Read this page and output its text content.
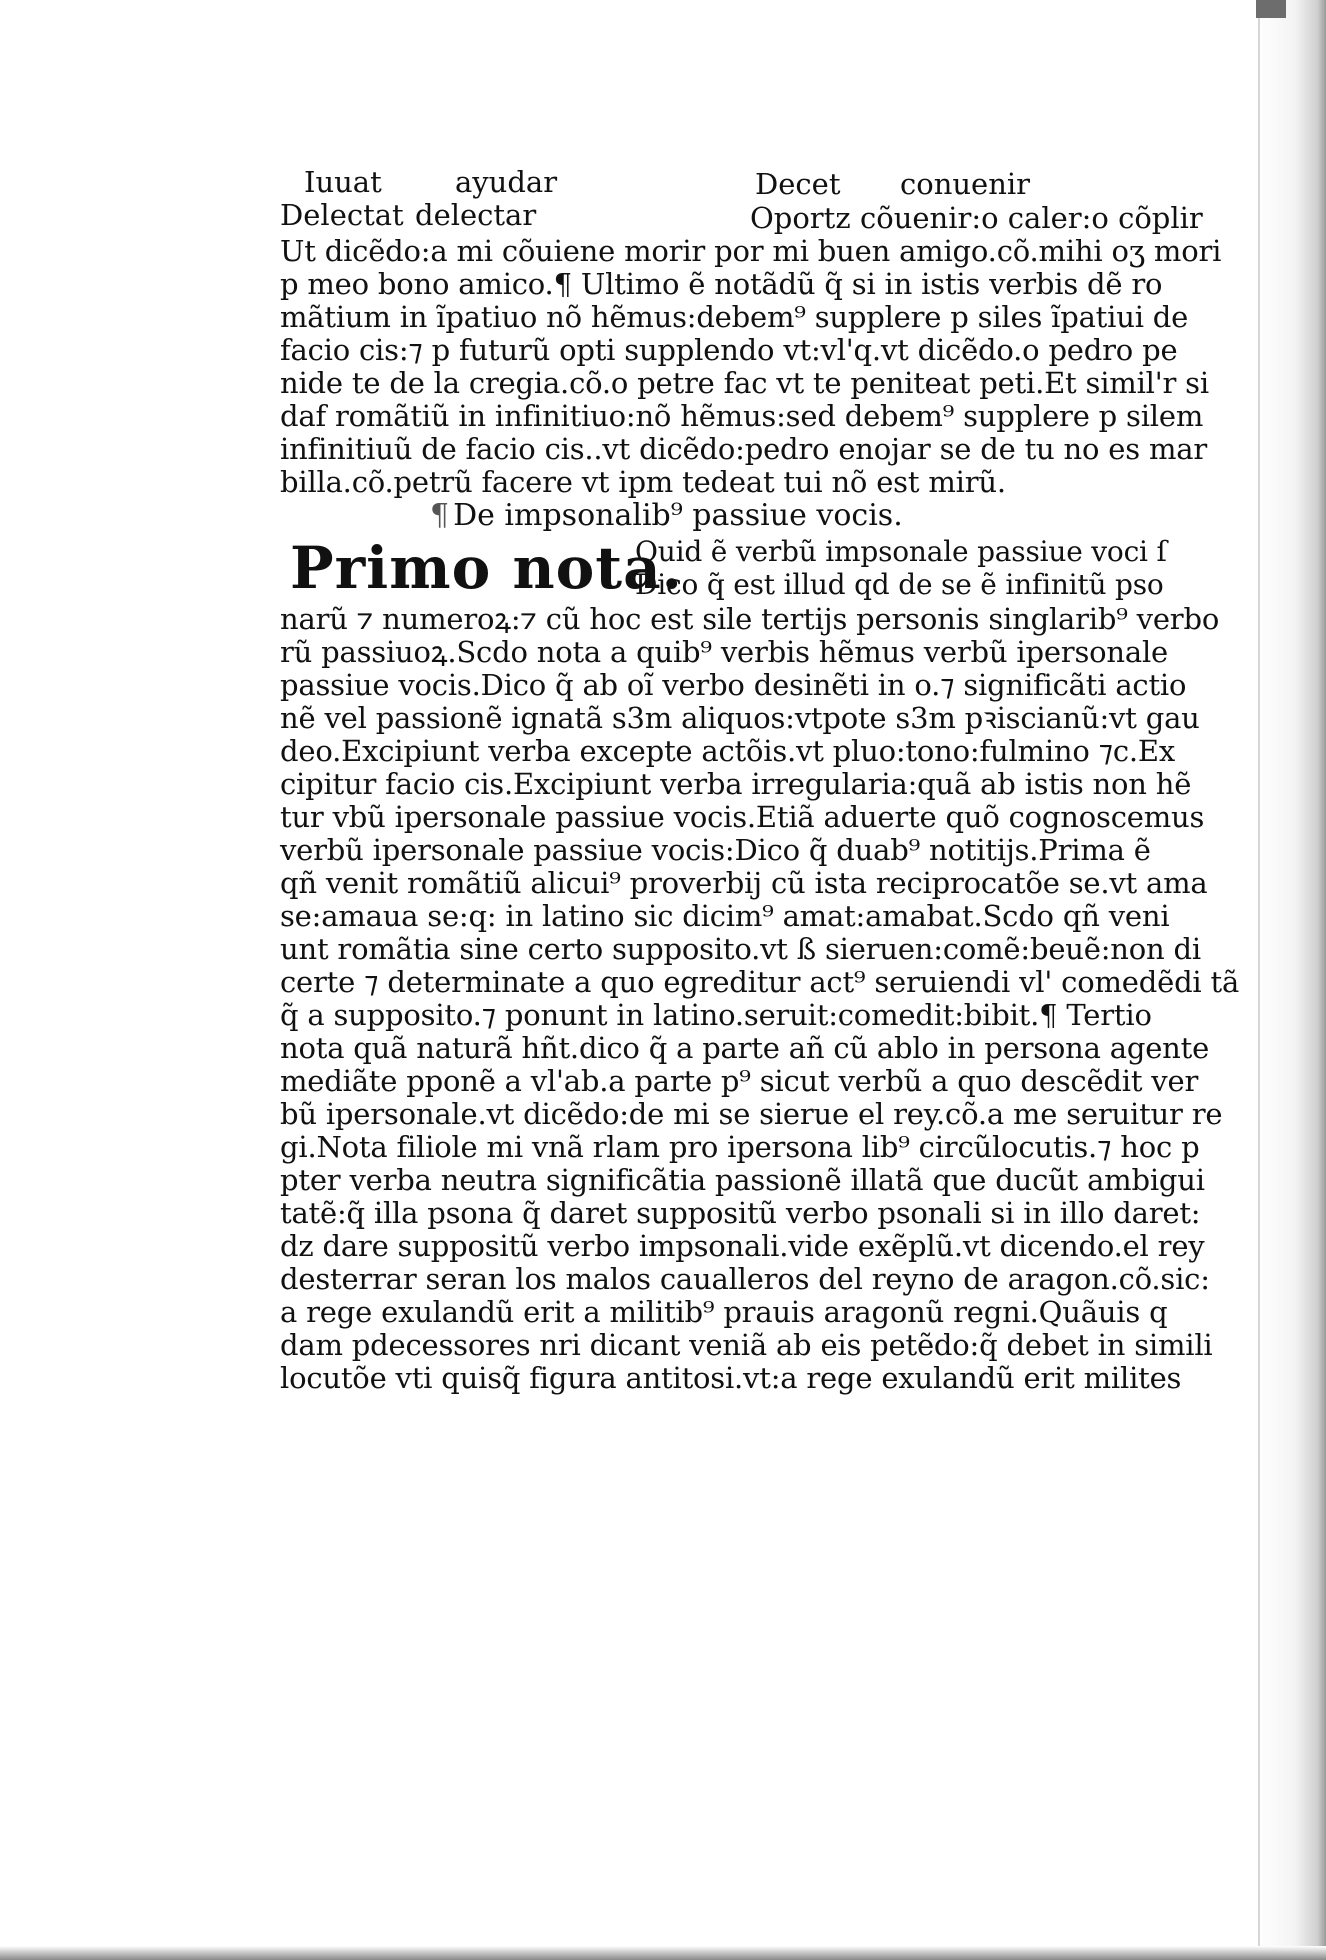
Iuuat	ayudar	Decet conuenir
Delectat delectar	Oportz cõuenir:o caler:o cõplir
Ut dicẽdo:a mi cõuiene morir por mi buen amigo.cõ.mihi oʒ mori
p meo bono amico.¶ Ultimo ẽ notãdũ q̃ si in istis verbis dẽ ro
mãtium in ĩpatiuo nõ hẽmus:debem⁹ supplere p siles ĩpatiui de
facio cis:⁊ p futurũ opti supplendo vt:vl'q.vt dicẽdo.o pedro pe
nide te de la cregia.cõ.o petre fac vt te peniteat peti.Et simil'r si
daf romãtiũ in infinitiuo:nõ hẽmus:sed debem⁹ supplere p silem
infinitiuũ de facio cis..vt dicẽdo:pedro enojar se de tu no es mar
billa.cõ.petrũ facere vt ipm tedeat tui nõ est mirũ.
¶ De impsonalib⁹ passiue vocis.
Primo nota.
Quid ẽ verbũ impsonale passiue voci ſ
Dico q̃ est illud qd de se ẽ infinitũ pso
narũ ⁊ numeroꝝ:⁊ cũ hoc est sile tertijs personis singlarib⁹ verbo
rũ passiuoꝝ.Scdo nota a quib⁹ verbis hẽmus verbũ ipersonale
passiue vocis.Dico q̃ ab oĩ verbo desinẽti in o.⁊ significãti actio
nẽ vel passionẽ ignatã s3m aliquos:vtpote s3m pꝛiscianũ:vt gau
deo.Excipiunt verba excepte actõis.vt pluo:tono:fulmino ⁊c.Ex
cipitur facio cis.Excipiunt verba irregularia:quã ab istis non hẽ
tur vbũ ipersonale passiue vocis.Etiã aduerte quõ cognoscemus
verbũ ipersonale passiue vocis:Dico q̃ duab⁹ notitijs.Prima ẽ
qñ venit romãtiũ alicui⁹ proverbij cũ ista reciprocatõe se.vt ama
se:amaua se:q: in latino sic dicim⁹ amat:amabat.Scdo qñ veni
unt romãtia sine certo supposito.vt ß sieruen:comẽ:beuẽ:non di
certe ⁊ determinate a quo egreditur act⁹ seruiendi vl' comedẽdi tã
q̃ a supposito.⁊ ponunt in latino.seruit:comedit:bibit.¶ Tertio
nota quã naturã hñt.dico q̃ a parte añ cũ ablo in persona agente
mediãte pponẽ a vl'ab.a parte p⁹ sicut verbũ a quo descẽdit ver
bũ ipersonale.vt dicẽdo:de mi se sierue el rey.cõ.a me seruitur re
gi.Nota filiole mi vnã rlam pro ipersona lib⁹ circũlocutis.⁊ hoc p
pter verba neutra significãtia passionẽ illatã que ducũt ambigui
tatẽ:q̃ illa psona q̃ daret suppositũ verbo psonali si in illo daret:
dz dare suppositũ verbo impsonali.vide exẽplũ.vt dicendo.el rey
desterrar seran los malos caualleros del reyno de aragon.cõ.sic:
a rege exulandũ erit a militib⁹ prauis aragonũ regni.Quãuis q
dam pdecessores nri dicant veniã ab eis petẽdo:q̃ debet in simili
locutõe vti quisq̃ figura antitosi.vt:a rege exulandũ erit milites
